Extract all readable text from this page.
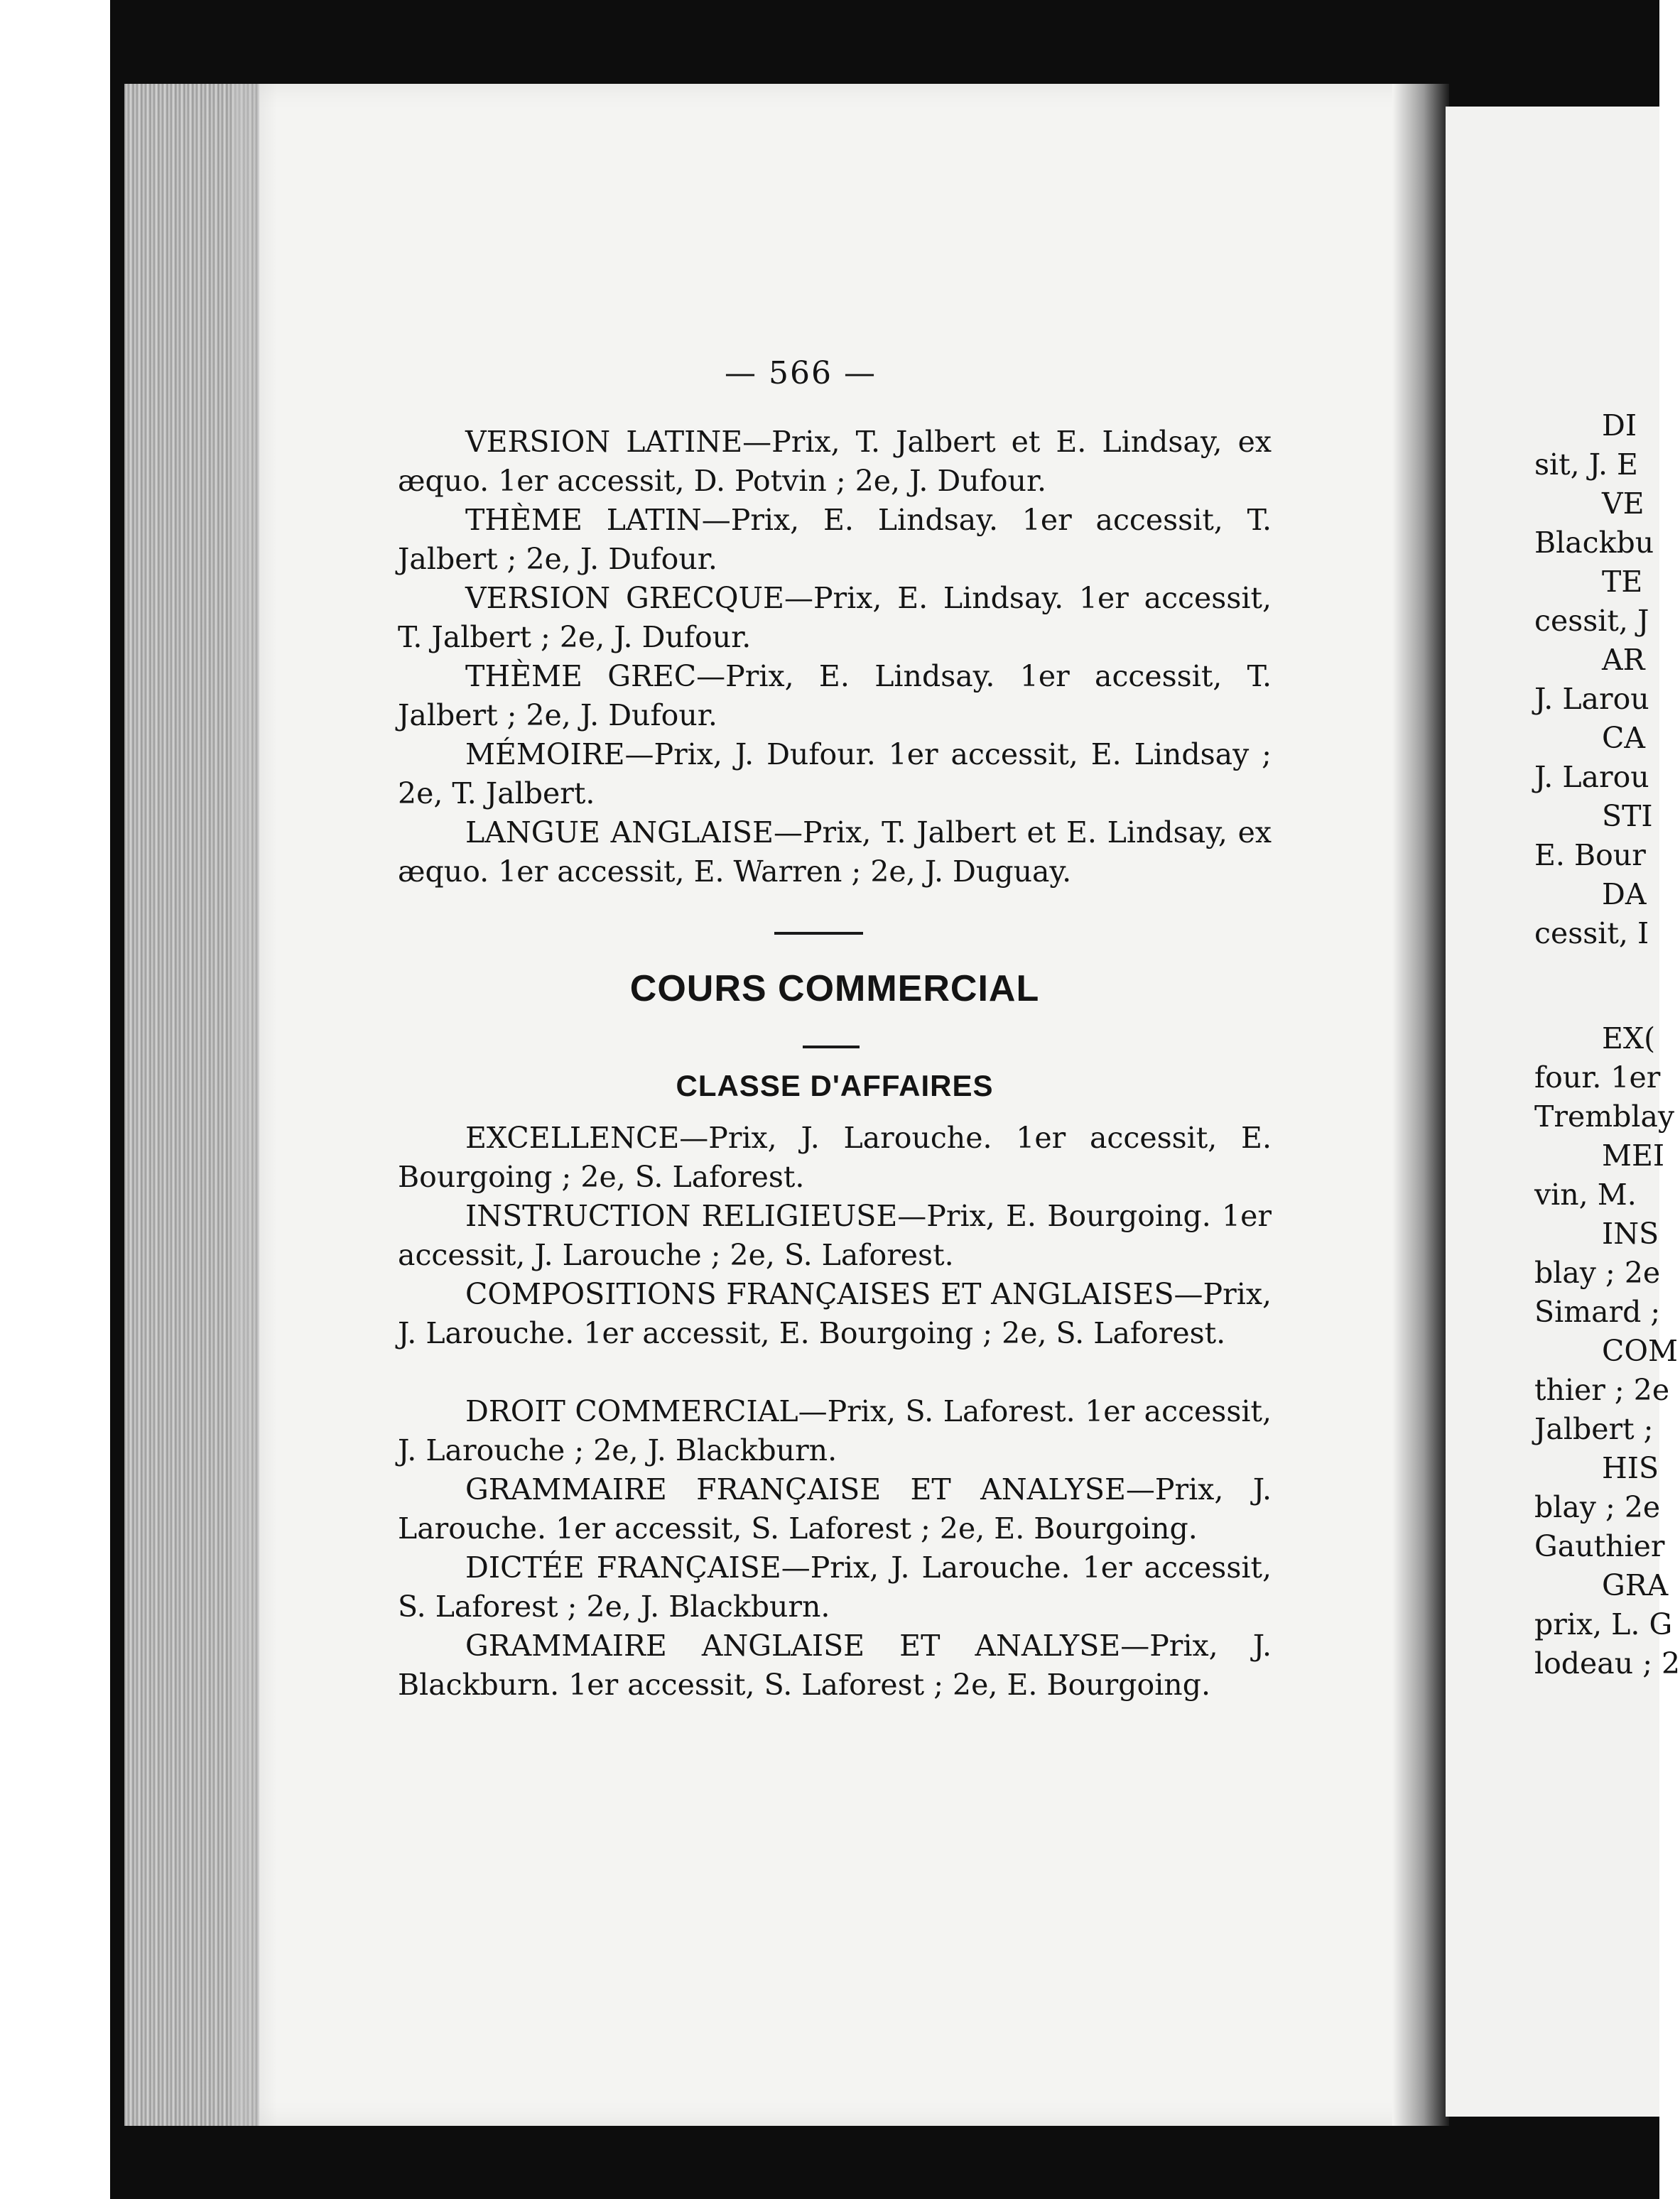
— 566 —

VERSION LATINE—Prix, T. Jalbert et E. Lindsay, ex æquo. 1er accessit, D. Potvin ; 2e, J. Dufour.

THÈME LATIN—Prix, E. Lindsay. 1er accessit, T. Jalbert ; 2e, J. Dufour.

VERSION GRECQUE—Prix, E. Lindsay. 1er accessit, T. Jalbert ; 2e, J. Dufour.

THÈME GREC—Prix, E. Lindsay. 1er accessit, T. Jalbert ; 2e, J. Dufour.

MÉMOIRE—Prix, J. Dufour. 1er accessit, E. Lindsay ; 2e, T. Jalbert.

LANGUE ANGLAISE—Prix, T. Jalbert et E. Lindsay, ex æquo. 1er accessit, E. Warren ; 2e, J. Duguay.

COURS COMMERCIAL
CLASSE D'AFFAIRES

EXCELLENCE—Prix, J. Larouche. 1er accessit, E. Bourgoing ; 2e, S. Laforest.

INSTRUCTION RELIGIEUSE—Prix, E. Bourgoing. 1er accessit, J. Larouche ; 2e, S. Laforest.

COMPOSITIONS FRANÇAISES ET ANGLAISES—Prix, J. Larouche. 1er accessit, E. Bourgoing ; 2e, S. Laforest.

DROIT COMMERCIAL—Prix, S. Laforest. 1er accessit, J. Larouche ; 2e, J. Blackburn.

GRAMMAIRE FRANÇAISE ET ANALYSE—Prix, J. Larouche. 1er accessit, S. Laforest ; 2e, E. Bourgoing.

DICTÉE FRANÇAISE—Prix, J. Larouche. 1er accessit, S. Laforest ; 2e, J. Blackburn.

GRAMMAIRE ANGLAISE ET ANALYSE—Prix, J. Blackburn. 1er accessit, S. Laforest ; 2e, E. Bourgoing.

DI
sit, J. E
VE
Blackbu
TE
cessit, J
AR
J. Larou
CA
J. Larou
STI
E. Bour
DA
cessit, I
EX(
four. 1er
Tremblay
MEI
vin, M.
INS
blay ; 2e
Simard ;
COM
thier ; 2e
Jalbert ;
HIS
blay ; 2e
Gauthier
GRA
prix, L. G
lodeau ; 2
